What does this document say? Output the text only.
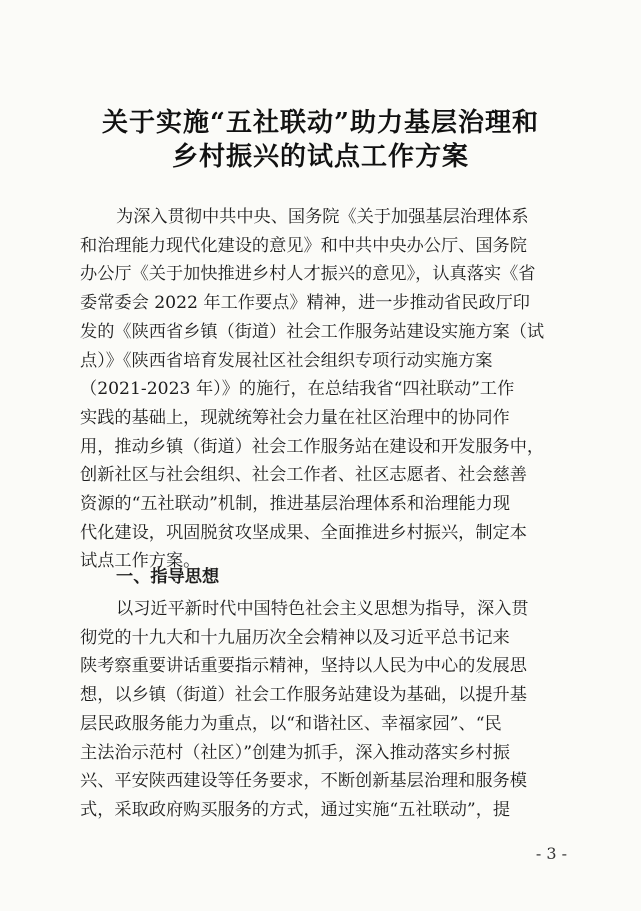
关于实施“五社联动”助力基层治理和
乡村振兴的试点工作方案
为深入贯彻中共中央、国务院《关于加强基层治理体系
和治理能力现代化建设的意见》和中共中央办公厅、国务院
办公厅《关于加快推进乡村人才振兴的意见》，认真落实《省
委常委会 2022 年工作要点》精神，进一步推动省民政厅印
发的《陕西省乡镇（街道）社会工作服务站建设实施方案（试
点）》《陕西省培育发展社区社会组织专项行动实施方案
（2021-2023 年）》的施行，在总结我省“四社联动”工作
实践的基础上，现就统筹社会力量在社区治理中的协同作
用，推动乡镇（街道）社会工作服务站在建设和开发服务中，
创新社区与社会组织、社会工作者、社区志愿者、社会慈善
资源的“五社联动”机制，推进基层治理体系和治理能力现
代化建设，巩固脱贫攻坚成果、全面推进乡村振兴，制定本
试点工作方案。
一、指导思想
以习近平新时代中国特色社会主义思想为指导，深入贯
彻党的十九大和十九届历次全会精神以及习近平总书记来
陕考察重要讲话重要指示精神，坚持以人民为中心的发展思
想，以乡镇（街道）社会工作服务站建设为基础，以提升基
层民政服务能力为重点，以“和谐社区、幸福家园”、“民
主法治示范村（社区）”创建为抓手，深入推动落实乡村振
兴、平安陕西建设等任务要求，不断创新基层治理和服务模
式，采取政府购买服务的方式，通过实施“五社联动”，提
- 3 -
